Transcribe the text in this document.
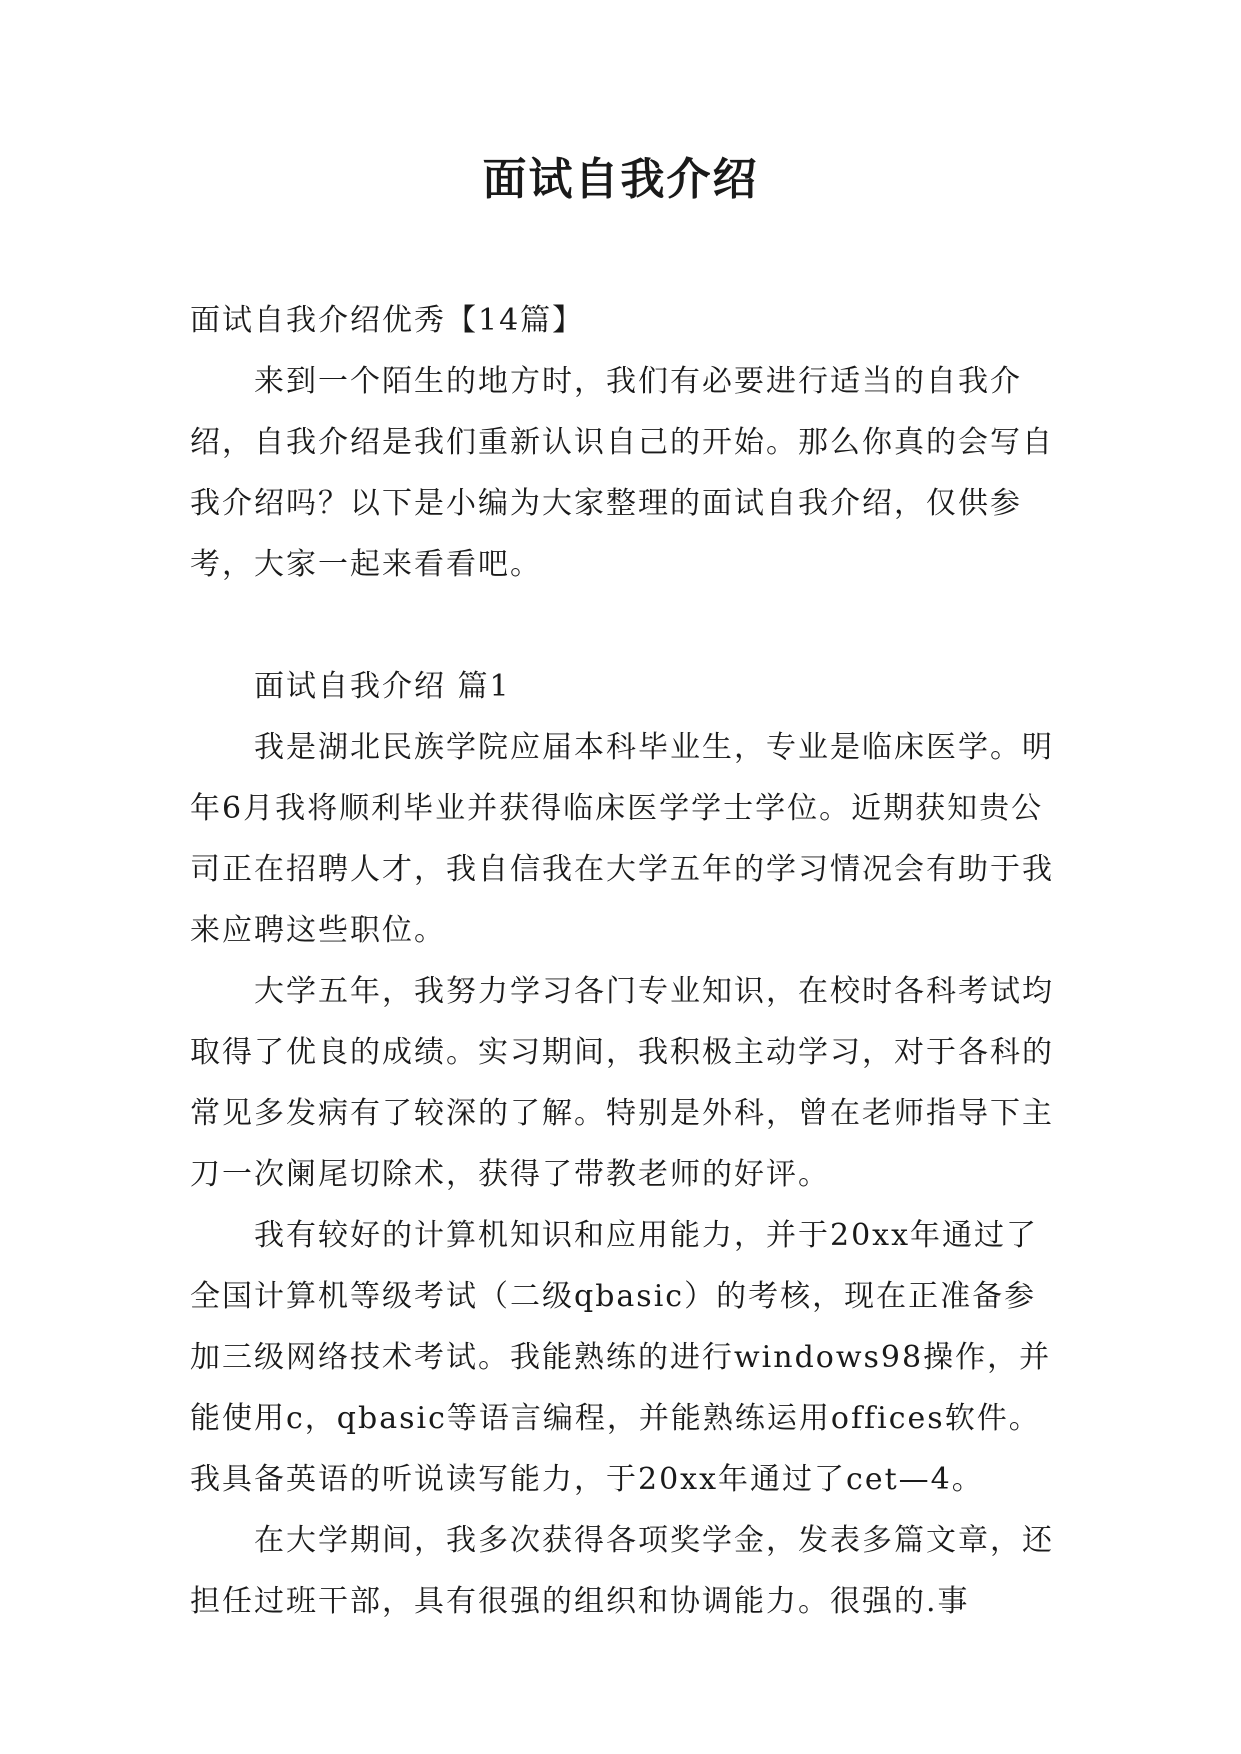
面试自我介绍

面试自我介绍优秀【14篇】

来到一个陌生的地方时，我们有必要进行适当的自我介绍，自我介绍是我们重新认识自己的开始。那么你真的会写自我介绍吗？以下是小编为大家整理的面试自我介绍，仅供参考，大家一起来看看吧。

面试自我介绍 篇1

我是湖北民族学院应届本科毕业生，专业是临床医学。明年6月我将顺利毕业并获得临床医学学士学位。近期获知贵公司正在招聘人才，我自信我在大学五年的学习情况会有助于我来应聘这些职位。

大学五年，我努力学习各门专业知识，在校时各科考试均取得了优良的成绩。实习期间，我积极主动学习，对于各科的常见多发病有了较深的了解。特别是外科，曾在老师指导下主刀一次阑尾切除术，获得了带教老师的好评。

我有较好的计算机知识和应用能力，并于20xx年通过了全国计算机等级考试（二级qbasic）的考核，现在正准备参加三级网络技术考试。我能熟练的进行windows98操作，并能使用c，qbasic等语言编程，并能熟练运用offices软件。我具备英语的听说读写能力，于20xx年通过了cet—4。

在大学期间，我多次获得各项奖学金，发表多篇文章，还担任过班干部，具有很强的组织和协调能力。很强的.事
